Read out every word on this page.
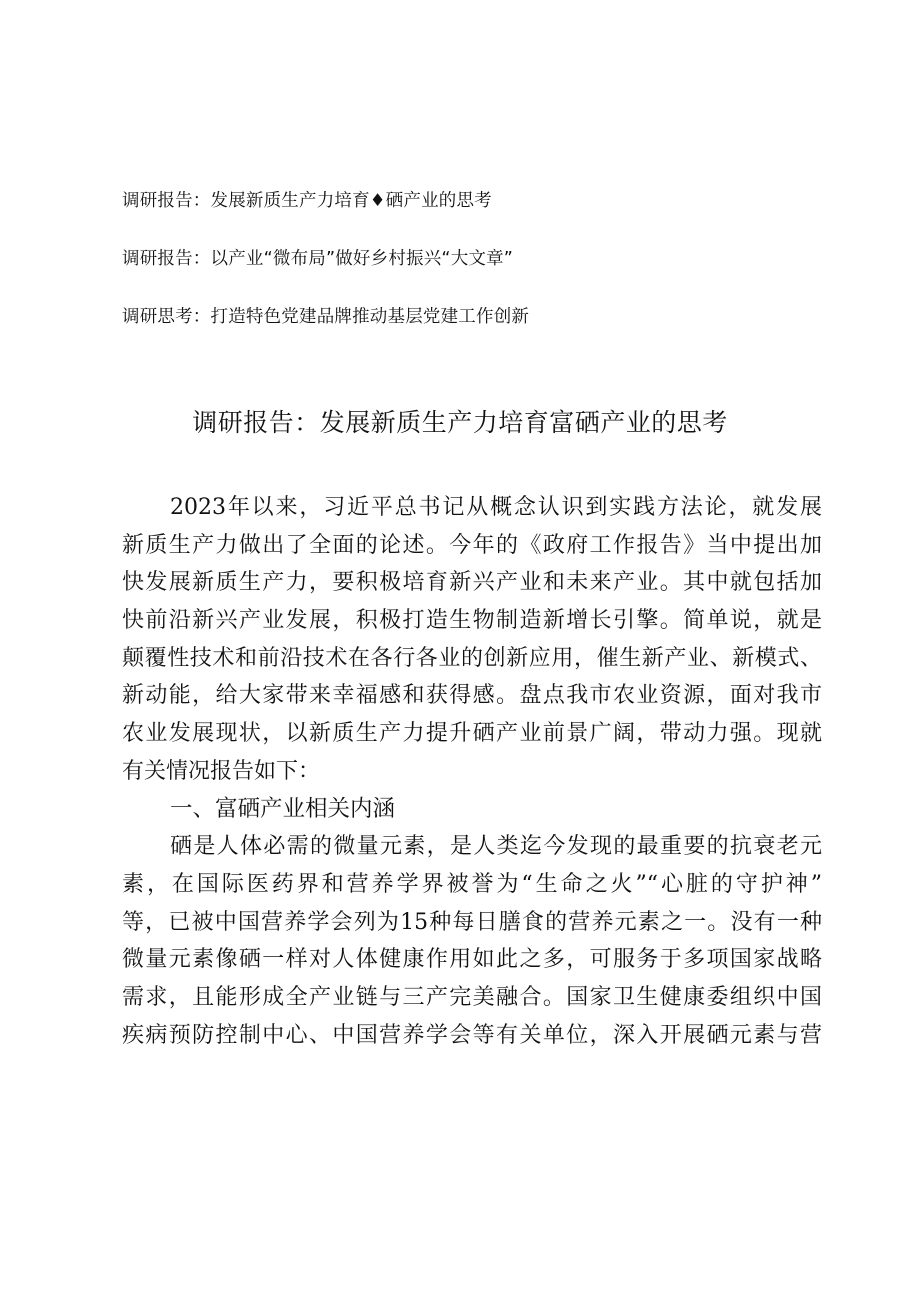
调研报告：发展新质生产力培育♦硒产业的思考
调研报告：以产业“微布局”做好乡村振兴“大文章”
调研思考：打造特色党建品牌推动基层党建工作创新
调研报告：发展新质生产力培育富硒产业的思考
2023年以来，习近平总书记从概念认识到实践方法论，就发展
新质生产力做出了全面的论述。今年的《政府工作报告》当中提出加
快发展新质生产力，要积极培育新兴产业和未来产业。其中就包括加
快前沿新兴产业发展，积极打造生物制造新增长引擎。简单说，就是
颠覆性技术和前沿技术在各行各业的创新应用，催生新产业、新模式、
新动能，给大家带来幸福感和获得感。盘点我市农业资源，面对我市
农业发展现状，以新质生产力提升硒产业前景广阔，带动力强。现就
有关情况报告如下：
一、富硒产业相关内涵
硒是人体必需的微量元素，是人类迄今发现的最重要的抗衰老元
素，在国际医药界和营养学界被誉为“生命之火”“心脏的守护神”
等，已被中国营养学会列为15种每日膳食的营养元素之一。没有一种
微量元素像硒一样对人体健康作用如此之多，可服务于多项国家战略
需求，且能形成全产业链与三产完美融合。国家卫生健康委组织中国
疾病预防控制中心、中国营养学会等有关单位，深入开展硒元素与营
